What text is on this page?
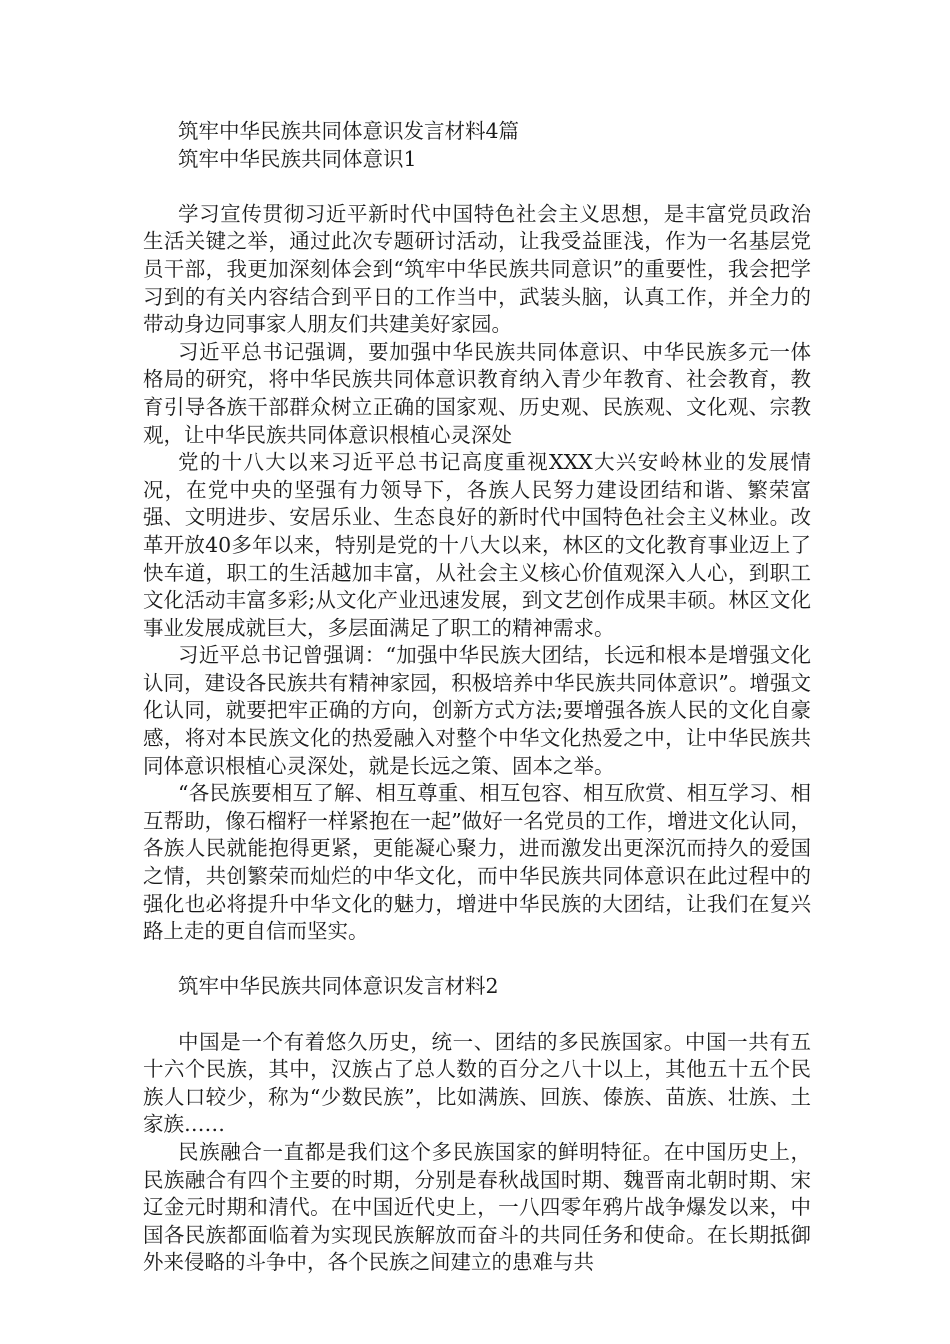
筑牢中华民族共同体意识发言材料4篇
筑牢中华民族共同体意识1

学习宣传贯彻习近平新时代中国特色社会主义思想，是丰富党员政治生活关键之举，通过此次专题研讨活动，让我受益匪浅，作为一名基层党员干部，我更加深刻体会到“筑牢中华民族共同意识”的重要性，我会把学习到的有关内容结合到平日的工作当中，武装头脑，认真工作，并全力的带动身边同事家人朋友们共建美好家园。

习近平总书记强调，要加强中华民族共同体意识、中华民族多元一体格局的研究，将中华民族共同体意识教育纳入青少年教育、社会教育，教育引导各族干部群众树立正确的国家观、历史观、民族观、文化观、宗教观，让中华民族共同体意识根植心灵深处

党的十八大以来习近平总书记高度重视XXX大兴安岭林业的发展情况，在党中央的坚强有力领导下，各族人民努力建设团结和谐、繁荣富强、文明进步、安居乐业、生态良好的新时代中国特色社会主义林业。改革开放40多年以来，特别是党的十八大以来，林区的文化教育事业迈上了快车道，职工的生活越加丰富，从社会主义核心价值观深入人心，到职工文化活动丰富多彩;从文化产业迅速发展，到文艺创作成果丰硕。林区文化事业发展成就巨大，多层面满足了职工的精神需求。

习近平总书记曾强调：“加强中华民族大团结，长远和根本是增强文化认同，建设各民族共有精神家园，积极培养中华民族共同体意识”。增强文化认同，就要把牢正确的方向，创新方式方法;要增强各族人民的文化自豪感，将对本民族文化的热爱融入对整个中华文化热爱之中，让中华民族共同体意识根植心灵深处，就是长远之策、固本之举。

“各民族要相互了解、相互尊重、相互包容、相互欣赏、相互学习、相互帮助，像石榴籽一样紧抱在一起”做好一名党员的工作，增进文化认同，各族人民就能抱得更紧，更能凝心聚力，进而激发出更深沉而持久的爱国之情，共创繁荣而灿烂的中华文化，而中华民族共同体意识在此过程中的强化也必将提升中华文化的魅力，增进中华民族的大团结，让我们在复兴路上走的更自信而坚实。

筑牢中华民族共同体意识发言材料2

中国是一个有着悠久历史，统一、团结的多民族国家。中国一共有五十六个民族，其中，汉族占了总人数的百分之八十以上，其他五十五个民族人口较少，称为“少数民族”，比如满族、回族、傣族、苗族、壮族、土家族……

民族融合一直都是我们这个多民族国家的鲜明特征。在中国历史上，民族融合有四个主要的时期，分别是春秋战国时期、魏晋南北朝时期、宋辽金元时期和清代。在中国近代史上，一八四零年鸦片战争爆发以来，中国各民族都面临着为实现民族解放而奋斗的共同任务和使命。在长期抵御外来侵略的斗争中，各个民族之间建立的患难与共
